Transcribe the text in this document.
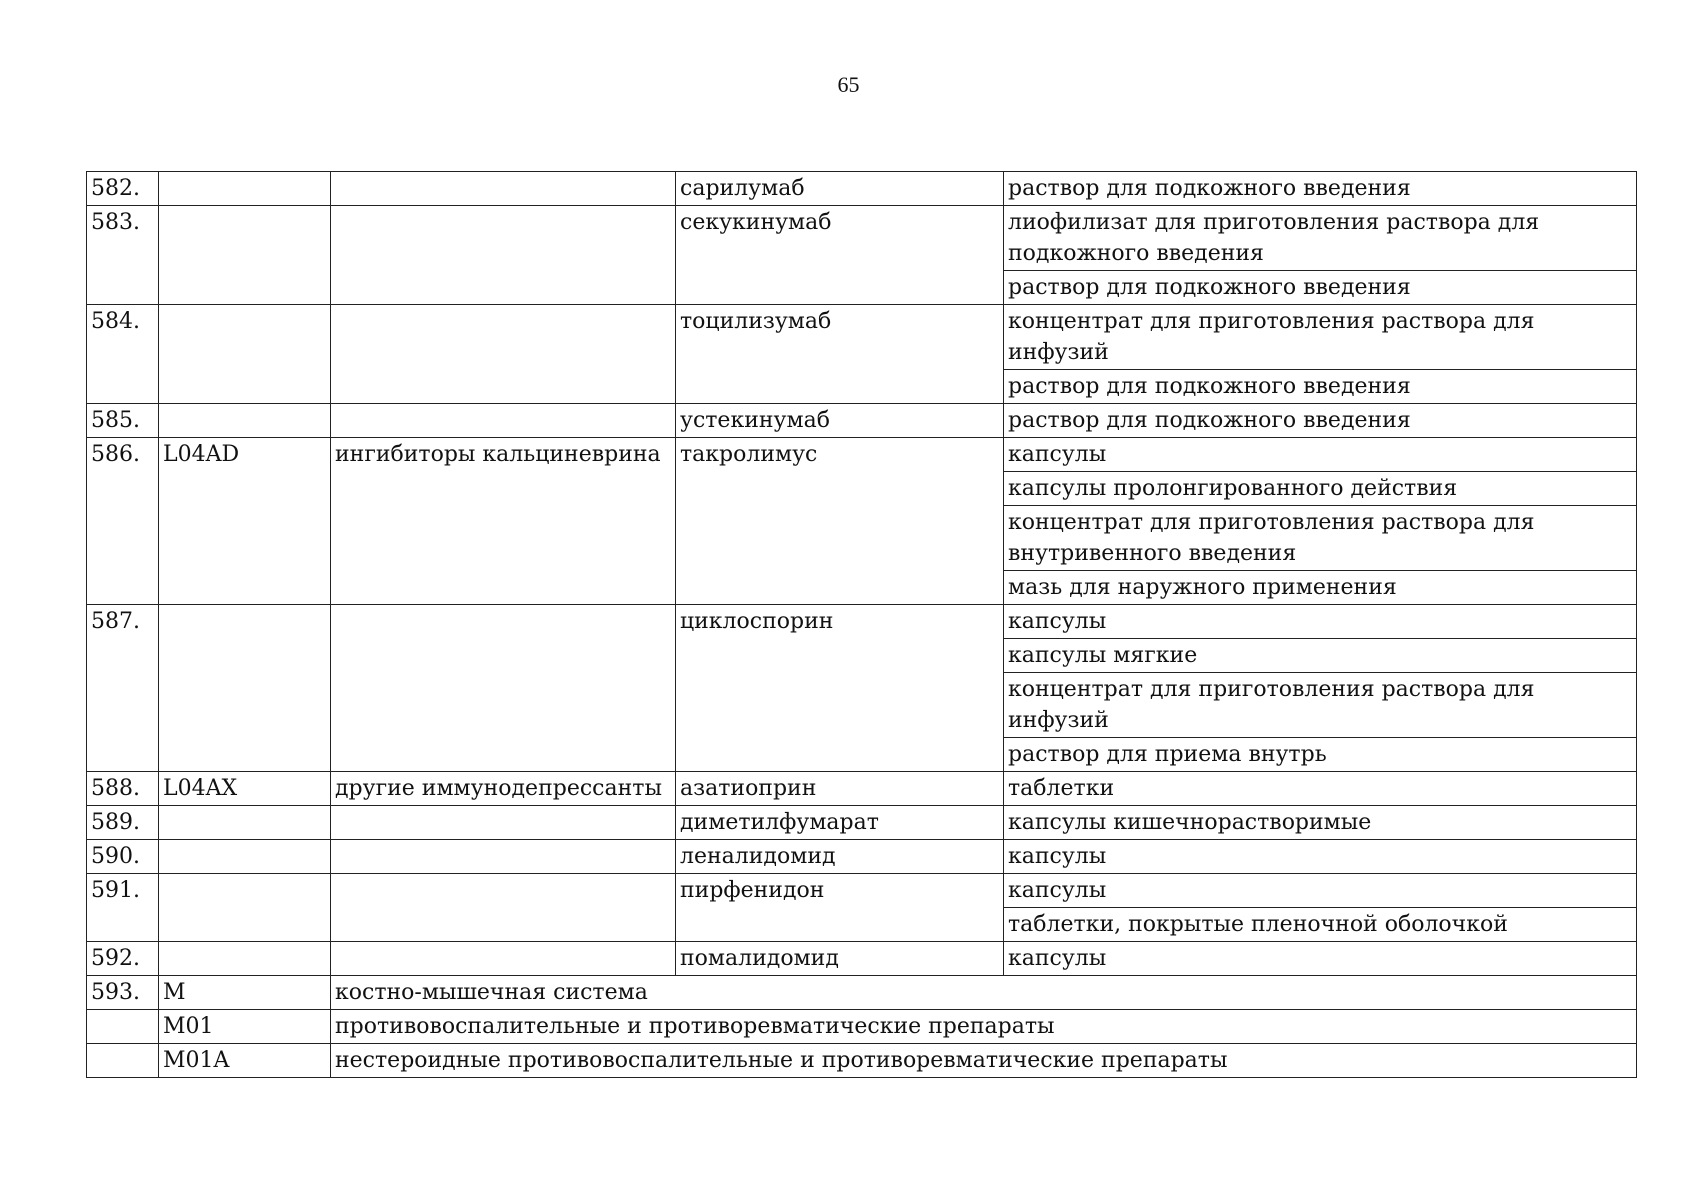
65
582.			сарилумаб	раствор для подкожного введения
583.			секукинумаб	лиофилизат для приготовления раствора для подкожного введения
				раствор для подкожного введения
584.			тоцилизумаб	концентрат для приготовления раствора для инфузий
				раствор для подкожного введения
585.			устекинумаб	раствор для подкожного введения
586.	L04AD	ингибиторы кальциневрина	такролимус	капсулы
				капсулы пролонгированного действия
				концентрат для приготовления раствора для внутривенного введения
				мазь для наружного применения
587.			циклоспорин	капсулы
				капсулы мягкие
				концентрат для приготовления раствора для инфузий
				раствор для приема внутрь
588.	L04AX	другие иммунодепрессанты	азатиоприн	таблетки
589.			диметилфумарат	капсулы кишечнорастворимые
590.			леналидомид	капсулы
591.			пирфенидон	капсулы
				таблетки, покрытые пленочной оболочкой
592.			помалидомид	капсулы
593.	M	костно-мышечная система		
	M01	противовоспалительные и противоревматические препараты		
	M01A	нестероидные противовоспалительные и противоревматические препараты		
